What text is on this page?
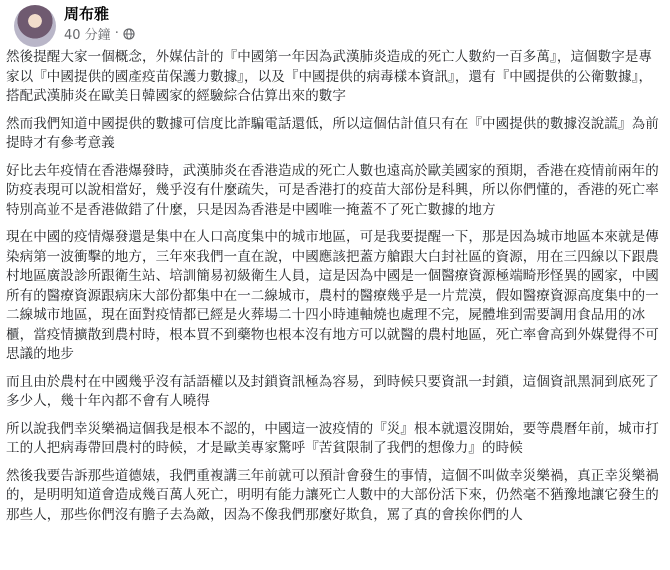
周布雅
40 分鐘 ·

然後提醒大家一個概念，外媒估計的『中國第一年因為武漢肺炎造成的死亡人數約一百多萬』，這個數字是專家以『中國提供的國產疫苗保護力數據』，以及『中國提供的病毒樣本資訊』，還有『中國提供的公衛數據』，搭配武漢肺炎在歐美日韓國家的經驗綜合估算出來的數字

然而我們知道中國提供的數據可信度比詐騙電話還低，所以這個估計值只有在『中國提供的數據沒說謊』為前提時才有參考意義

好比去年疫情在香港爆發時，武漢肺炎在香港造成的死亡人數也遠高於歐美國家的預期，香港在疫情前兩年的防疫表現可以說相當好，幾乎沒有什麼疏失，可是香港打的疫苗大部份是科興，所以你們懂的，香港的死亡率特別高並不是香港做錯了什麼，只是因為香港是中國唯一掩蓋不了死亡數據的地方

現在中國的疫情爆發還是集中在人口高度集中的城市地區，可是我要提醒一下，那是因為城市地區本來就是傳染病第一波衝擊的地方，三年來我們一直在說，中國應該把蓋方艙跟大白封社區的資源，用在三四線以下跟農村地區廣設診所跟衛生站、培訓簡易初級衛生人員，這是因為中國是一個醫療資源極端畸形怪異的國家，中國所有的醫療資源跟病床大部份都集中在一二線城市，農村的醫療幾乎是一片荒漠，假如醫療資源高度集中的一二線城市地區，現在面對疫情都已經是火葬場二十四小時連軸燒也處理不完，屍體堆到需要調用食品用的冰櫃，當疫情擴散到農村時，根本買不到藥物也根本沒有地方可以就醫的農村地區，死亡率會高到外媒覺得不可思議的地步

而且由於農村在中國幾乎沒有話語權以及封鎖資訊極為容易，到時候只要資訊一封鎖，這個資訊黑洞到底死了多少人，幾十年內都不會有人曉得

所以說我們幸災樂禍這個我是根本不認的，中國這一波疫情的『災』根本就還沒開始，要等農曆年前，城市打工的人把病毒帶回農村的時候，才是歐美專家驚呼『苦貧限制了我們的想像力』的時候

然後我要告訴那些道德婊，我們重複講三年前就可以預計會發生的事情，這個不叫做幸災樂禍，真正幸災樂禍的，是明明知道會造成幾百萬人死亡，明明有能力讓死亡人數中的大部份活下來，仍然毫不猶豫地讓它發生的那些人，那些你們沒有膽子去為敵，因為不像我們那麼好欺負，罵了真的會挨你們的人
